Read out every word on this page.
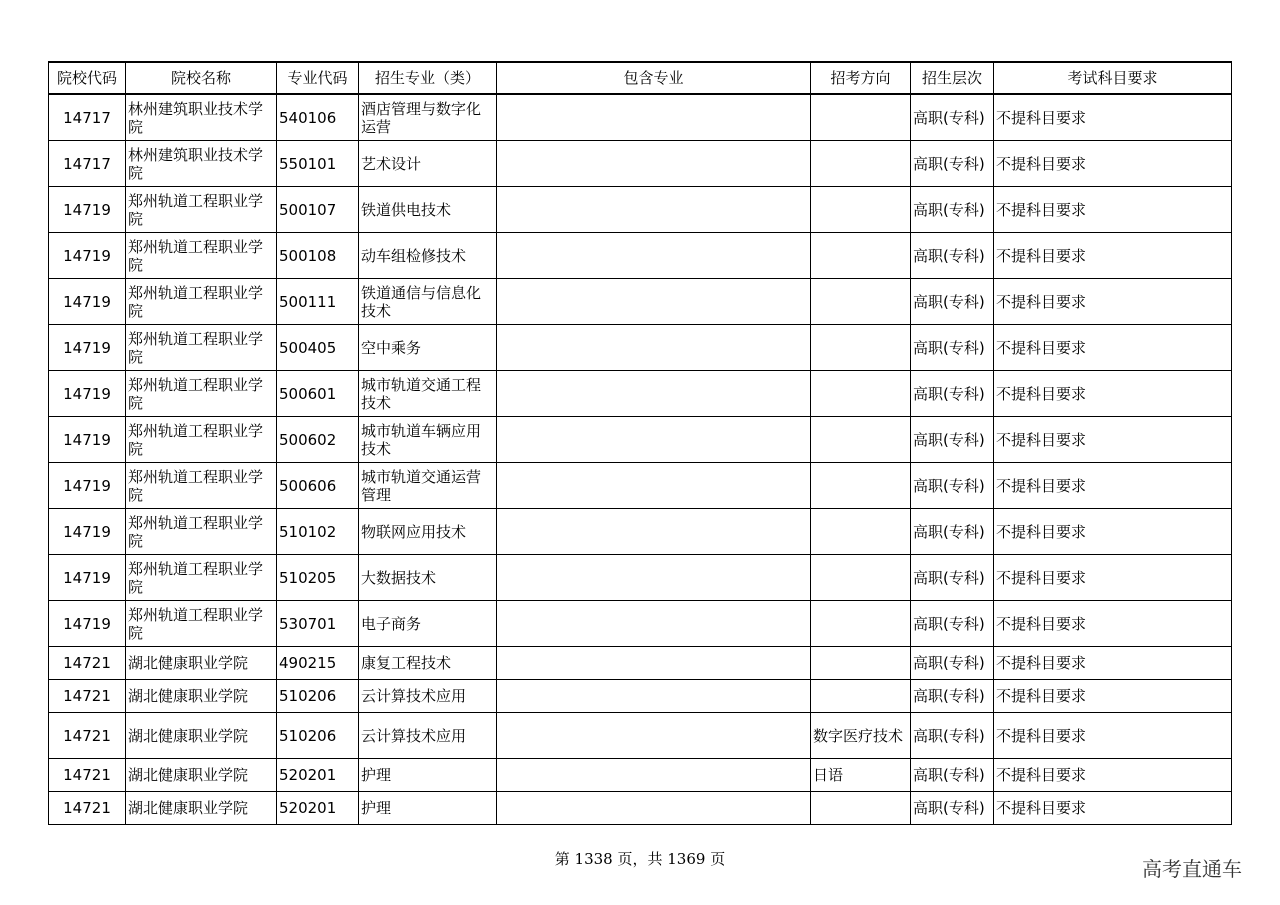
院校代码	院校名称	专业代码	招生专业（类）	包含专业	招考方向	招生层次	考试科目要求
14717	林州建筑职业技术学院	540106	酒店管理与数字化运营			高职(专科)	不提科目要求
14717	林州建筑职业技术学院	550101	艺术设计			高职(专科)	不提科目要求
14719	郑州轨道工程职业学院	500107	铁道供电技术			高职(专科)	不提科目要求
14719	郑州轨道工程职业学院	500108	动车组检修技术			高职(专科)	不提科目要求
14719	郑州轨道工程职业学院	500111	铁道通信与信息化技术			高职(专科)	不提科目要求
14719	郑州轨道工程职业学院	500405	空中乘务			高职(专科)	不提科目要求
14719	郑州轨道工程职业学院	500601	城市轨道交通工程技术			高职(专科)	不提科目要求
14719	郑州轨道工程职业学院	500602	城市轨道车辆应用技术			高职(专科)	不提科目要求
14719	郑州轨道工程职业学院	500606	城市轨道交通运营管理			高职(专科)	不提科目要求
14719	郑州轨道工程职业学院	510102	物联网应用技术			高职(专科)	不提科目要求
14719	郑州轨道工程职业学院	510205	大数据技术			高职(专科)	不提科目要求
14719	郑州轨道工程职业学院	530701	电子商务			高职(专科)	不提科目要求
14721	湖北健康职业学院	490215	康复工程技术			高职(专科)	不提科目要求
14721	湖北健康职业学院	510206	云计算技术应用			高职(专科)	不提科目要求
14721	湖北健康职业学院	510206	云计算技术应用		数字医疗技术	高职(专科)	不提科目要求
14721	湖北健康职业学院	520201	护理		日语	高职(专科)	不提科目要求
14721	湖北健康职业学院	520201	护理			高职(专科)	不提科目要求
第 1338 页，共 1369 页	高考直通车
